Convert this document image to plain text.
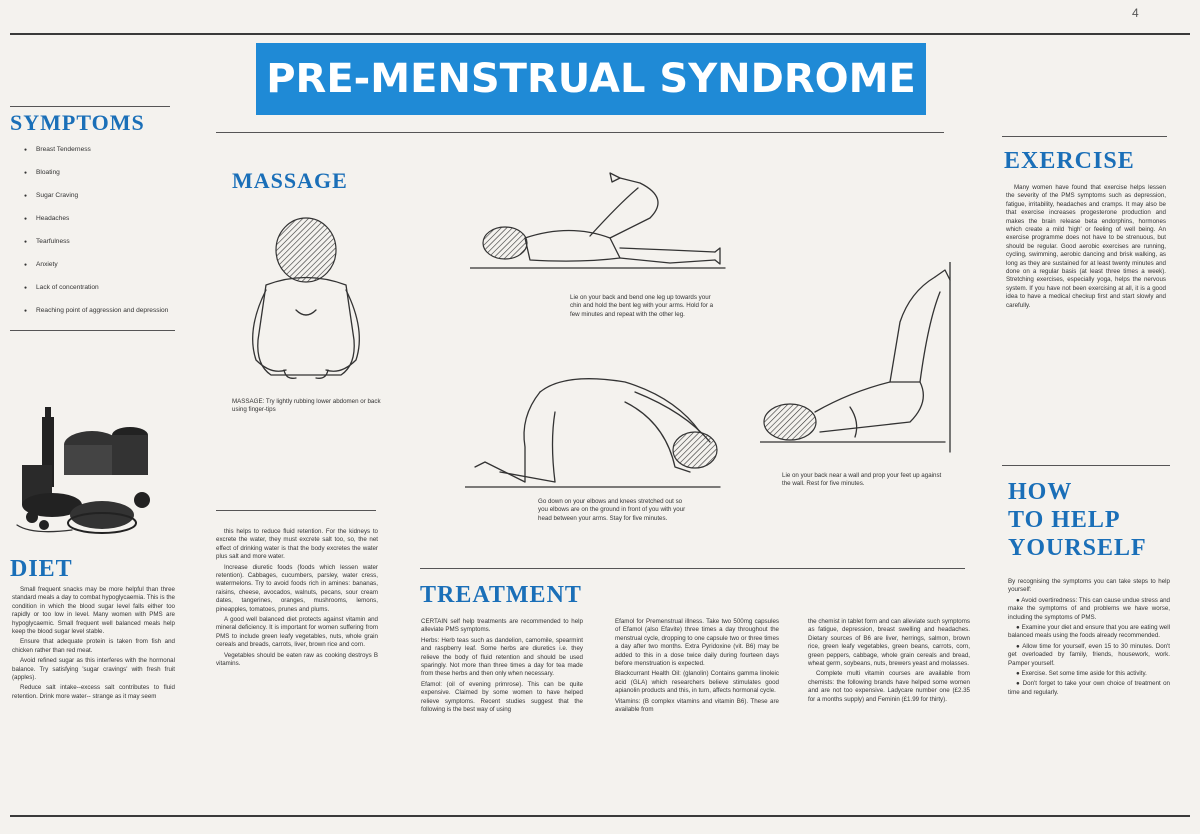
4
PRE-MENSTRUAL SYNDROME
SYMPTOMS
● Breast Tenderness
● Bloating
● Sugar Craving
● Headaches
● Tearfulness
● Anxiety
● Lack of concentration
● Reaching point of aggression and depression
DIET

Small frequent snacks may be more helpful than three standard meals a day to combat hypoglycaemia. This is the condition in which the blood sugar level falls either too rapidly or too low in level. Many women with PMS are hypoglycaemic. Small frequent well balanced meals help keep the blood sugar level stable.

Ensure that adequate protein is taken from fish and chicken rather than red meat.

Avoid refined sugar as this interferes with the hormonal balance. Try satisfying 'sugar cravings' with fresh fruit (apples).

Reduce salt intake--excess salt contributes to fluid retention. Drink more water-- strange as it may seem

this helps to reduce fluid retention. For the kidneys to excrete the water, they must excrete salt too, so, the net effect of drinking water is that the body excretes the water plus salt and more water.

Increase diuretic foods (foods which lessen water retention). Cabbages, cucumbers, parsley, water cress, watermelons. Try to avoid foods rich in amines: bananas, raisins, cheese, avocados, walnuts, pecans, sour cream dates, tangerines, oranges, mushrooms, lemons, pineapples, tomatoes, prunes and plums.

A good well balanced diet protects against vitamin and mineral deficiency. It is important for women suffering from PMS to include green leafy vegetables, nuts, whole grain cereals and breads, carrots, liver, brown rice and corn.

Vegetables should be eaten raw as cooking destroys B vitamins.

MASSAGE
MASSAGE: Try lightly rubbing lower abdomen or back using finger-tips
Lie on your back and bend one leg up towards your chin and hold the bent leg with your arms. Hold for a few minutes and repeat with the other leg.
Go down on your elbows and knees stretched out so you elbows are on the ground in front of you with your head between your arms. Stay for five minutes.
Lie on your back near a wall and prop your feet up against the wall. Rest for five minutes.
TREATMENT

CERTAIN self help treatments are recommended to help alleviate PMS symptoms.

Herbs: Herb teas such as dandelion, camomile, spearmint and raspberry leaf. Some herbs are diuretics i.e. they relieve the body of fluid retention and should be used sparingly. Not more than three times a day for tea made from these herbs and then only when necessary.

Efamol: (oil of evening primrose). This can be quite expensive. Claimed by some women to have helped relieve symptoms. Recent studies suggest that the following is the best way of using

Efamol for Premenstrual illness. Take two 500mg capsules of Efamol (also Efavite) three times a day throughout the menstrual cycle, dropping to one capsule two or three times a day after two months. Extra Pyridoxine (vit. B6) may be added to this in a dose twice daily during fourteen days before menstruation is expected.

Blackcurrant Health Oil: (glanolin) Contains gamma linoleic acid (GLA) which researchers believe stimulates good apianolin products and this, in turn, affects hormonal cycle.

Vitamins: (B complex vitamins and vitamin B6). These are available from

the chemist in tablet form and can alleviate such symptoms as fatigue, depression, breast swelling and headaches. Dietary sources of B6 are liver, herrings, salmon, brown rice, green leafy vegetables, green beans, carrots, corn, green peppers, cabbage, whole grain cereals and bread, wheat germ, soybeans, nuts, brewers yeast and molasses.

Complete multi vitamin courses are available from chemists: the following brands have helped some women and are not too expensive. Ladycare number one (£2.35 for a months supply) and Feminin (£1.99 for thirty).

EXERCISE

Many women have found that exercise helps lessen the severity of the PMS symptoms such as depression, fatigue, irritability, headaches and cramps. It may also be that exercise increases progesterone production and makes the brain release beta endorphins, hormones which create a mild 'high' or feeling of well being. An exercise programme does not have to be strenuous, but should be regular. Good aerobic exercises are running, cycling, swimming, aerobic dancing and brisk walking, as long as they are sustained for at least twenty minutes and done on a regular basis (at least three times a week). Stretching exercises, especially yoga, helps the nervous system. If you have not been exercising at all, it is a good idea to have a medical checkup first and start slowly and carefully.

HOW
TO HELP
YOURSELF

By recognising the symptoms you can take steps to help yourself:

● Avoid overtiredness: This can cause undue stress and make the symptoms of and problems we have worse, including the symptoms of PMS.

● Examine your diet and ensure that you are eating well balanced meals using the foods already recommended.

● Allow time for yourself, even 15 to 30 minutes. Don't get overloaded by family, friends, housework, work. Pamper yourself.

● Exercise. Set some time aside for this activity.

● Don't forget to take your own choice of treatment on time and regularly.
